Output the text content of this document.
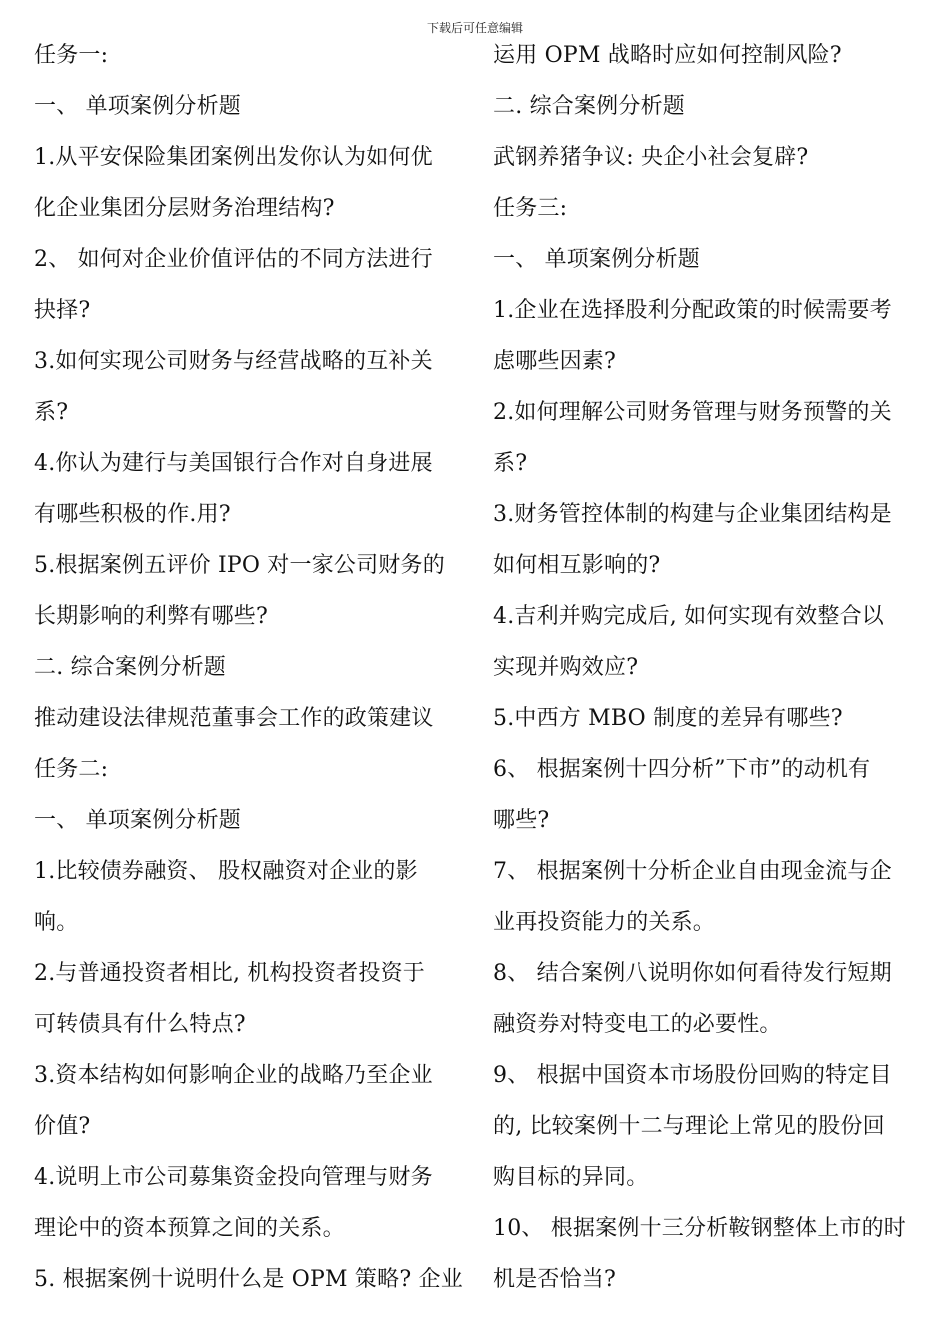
下载后可任意编辑
任务一:
一、 单项案例分析题
1.从平安保险集团案例出发你认为如何优
化企业集团分层财务治理结构?
2、 如何对企业价值评估的不同方法进行
抉择?
3.如何实现公司财务与经营战略的互补关
系?
4.你认为建行与美国银行合作对自身进展
有哪些积极的作.用?
5.根据案例五评价 IPO 对一家公司财务的
长期影响的利弊有哪些?
二. 综合案例分析题
推动建设法律规范董事会工作的政策建议
任务二:
一、 单项案例分析题
1.比较债券融资、 股权融资对企业的影
响。
2.与普通投资者相比, 机构投资者投资于
可转债具有什么特点?
3.资本结构如何影响企业的战略乃至企业
价值?
4.说明上市公司募集资金投向管理与财务
理论中的资本预算之间的关系。
5. 根据案例十说明什么是 OPM 策略? 企业
运用 OPM 战略时应如何控制风险?
二. 综合案例分析题
武钢养猪争议: 央企小社会复辟?
任务三:
一、 单项案例分析题
1.企业在选择股利分配政策的时候需要考
虑哪些因素?
2.如何理解公司财务管理与财务预警的关
系?
3.财务管控体制的构建与企业集团结构是
如何相互影响的?
4.吉利并购完成后, 如何实现有效整合以
实现并购效应?
5.中西方 MBO 制度的差异有哪些?
6、 根据案例十四分析”下市”的动机有
哪些?
7、 根据案例十分析企业自由现金流与企
业再投资能力的关系。
8、 结合案例八说明你如何看待发行短期
融资券对特变电工的必要性。
9、 根据中国资本市场股份回购的特定目
的, 比较案例十二与理论上常见的股份回
购目标的异同。
10、 根据案例十三分析鞍钢整体上市的时
机是否恰当?
